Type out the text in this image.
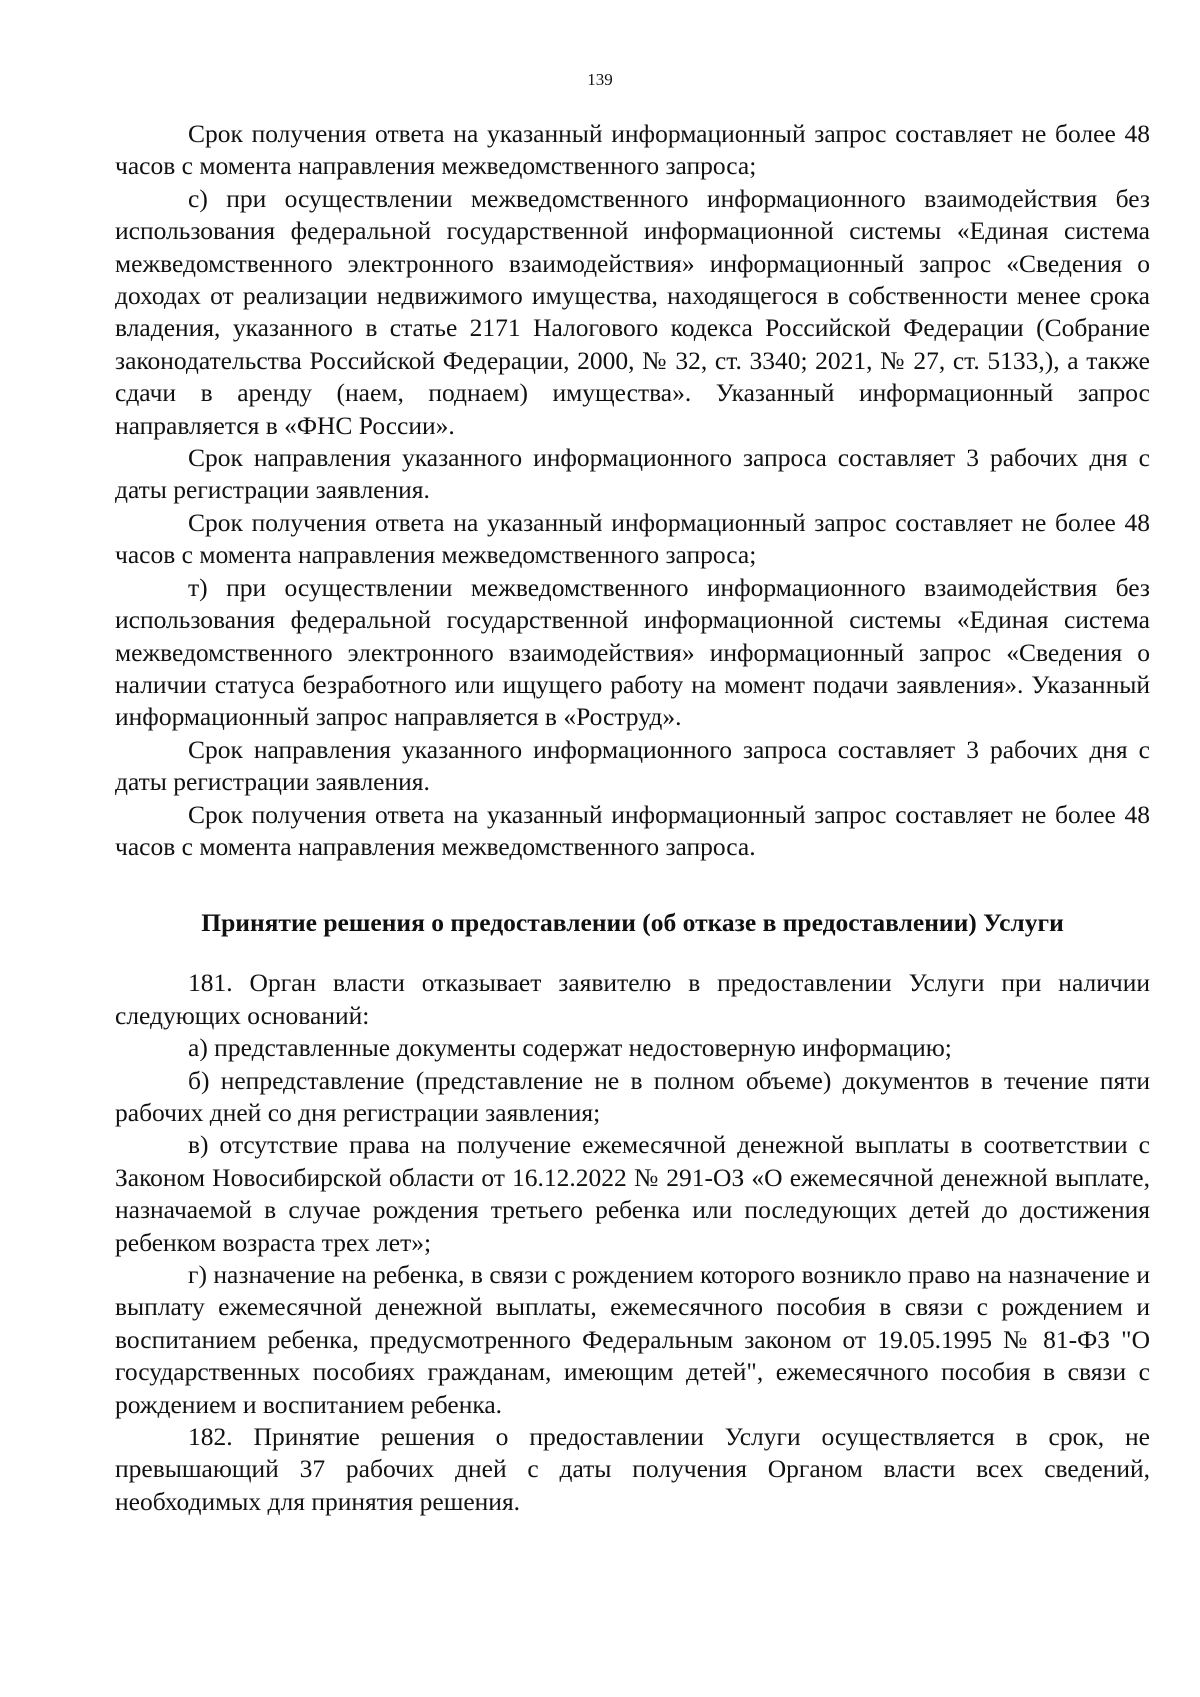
139

Срок получения ответа на указанный информационный запрос составляет не более 48 часов с момента направления межведомственного запроса;

с) при осуществлении межведомственного информационного взаимодействия без использования федеральной государственной информационной системы «Единая система межведомственного электронного взаимодействия» информационный запрос «Сведения о доходах от реализации недвижимого имущества, находящегося в собственности менее срока владения, указанного в статье 2171 Налогового кодекса Российской Федерации (Собрание законодательства Российской Федерации, 2000, № 32, ст. 3340; 2021, № 27, ст. 5133,), а также сдачи в аренду (наем, поднаем) имущества». Указанный информационный запрос направляется в «ФНС России».

Срок направления указанного информационного запроса составляет 3 рабочих дня с даты регистрации заявления.

Срок получения ответа на указанный информационный запрос составляет не более 48 часов с момента направления межведомственного запроса;

т) при осуществлении межведомственного информационного взаимодействия без использования федеральной государственной информационной системы «Единая система межведомственного электронного взаимодействия» информационный запрос «Сведения о наличии статуса безработного или ищущего работу на момент подачи заявления». Указанный информационный запрос направляется в «Роструд».

Срок направления указанного информационного запроса составляет 3 рабочих дня с даты регистрации заявления.

Срок получения ответа на указанный информационный запрос составляет не более 48 часов с момента направления межведомственного запроса.

Принятие решения о предоставлении (об отказе в предоставлении) Услуги

181. Орган власти отказывает заявителю в предоставлении Услуги при наличии следующих оснований:

а) представленные документы содержат недостоверную информацию;

б) непредставление (представление не в полном объеме) документов в течение пяти рабочих дней со дня регистрации заявления;

в) отсутствие права на получение ежемесячной денежной выплаты в соответствии с Законом Новосибирской области от 16.12.2022 № 291-ОЗ «О ежемесячной денежной выплате, назначаемой в случае рождения третьего ребенка или последующих детей до достижения ребенком возраста трех лет»;

г) назначение на ребенка, в связи с рождением которого возникло право на назначение и выплату ежемесячной денежной выплаты, ежемесячного пособия в связи с рождением и воспитанием ребенка, предусмотренного Федеральным законом от 19.05.1995 № 81-ФЗ "О государственных пособиях гражданам, имеющим детей", ежемесячного пособия в связи с рождением и воспитанием ребенка.

182. Принятие решения о предоставлении Услуги осуществляется в срок, не превышающий 37 рабочих дней с даты получения Органом власти всех сведений, необходимых для принятия решения.
